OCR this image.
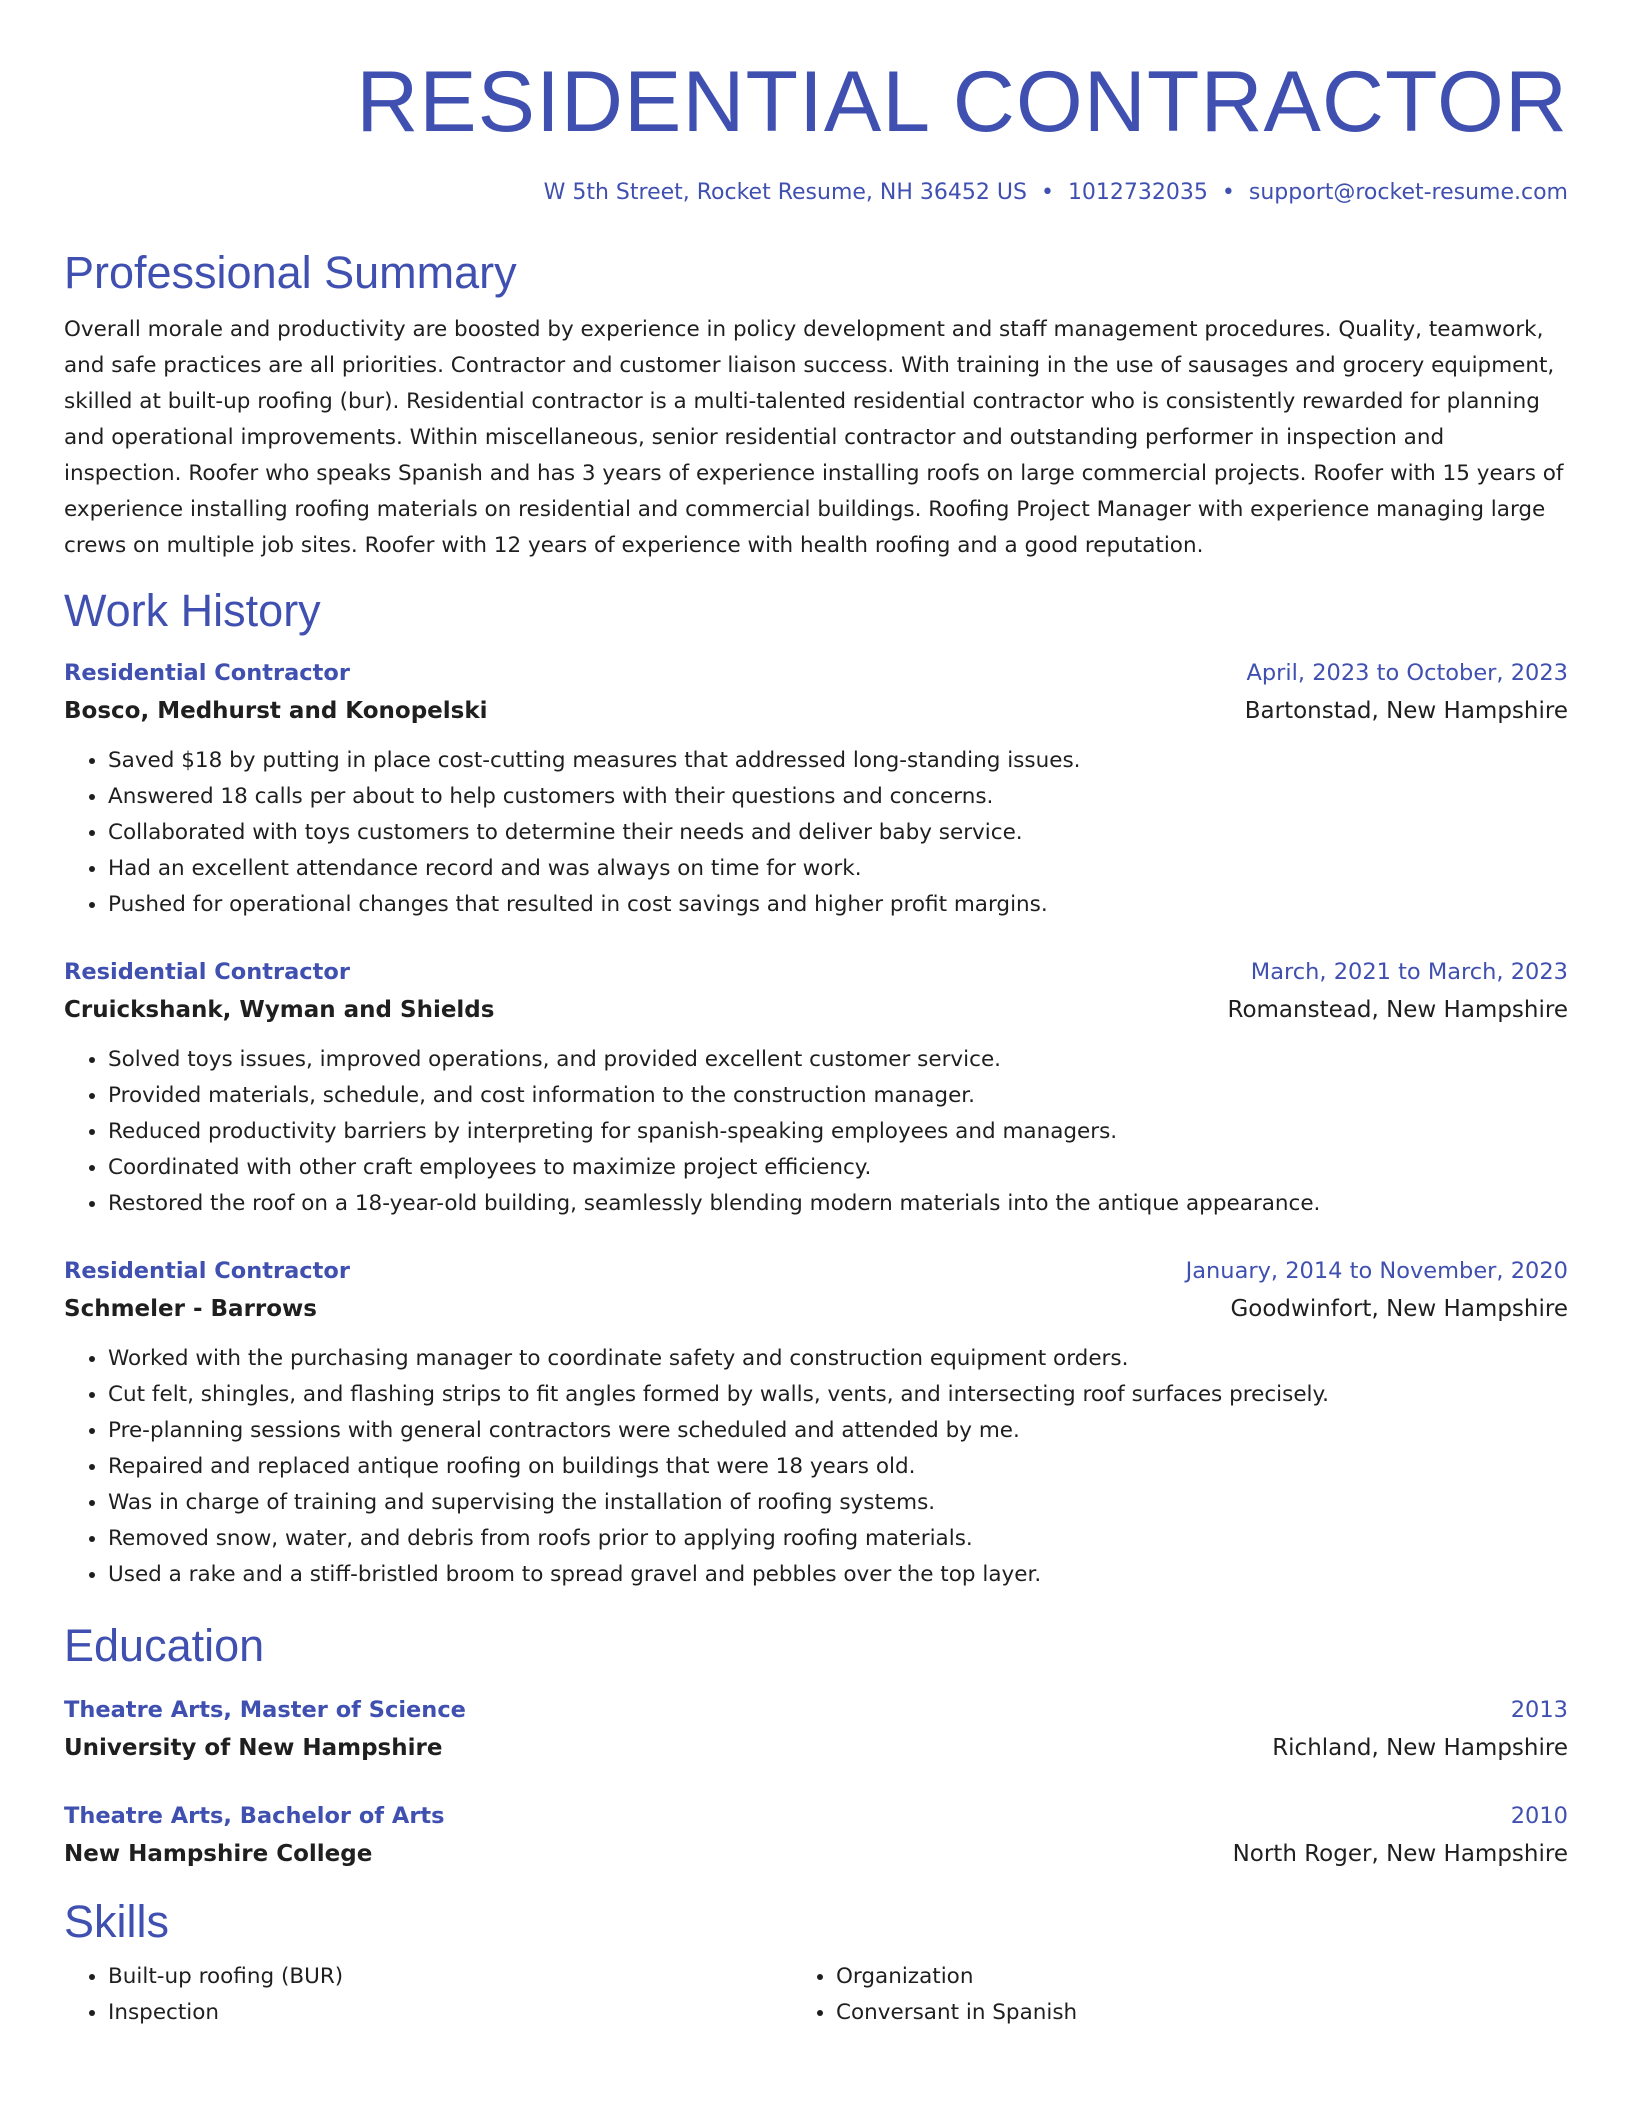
RESIDENTIAL CONTRACTOR
W 5th Street, Rocket Resume, NH 36452 US • 1012732035 • support@rocket-resume.com
Professional Summary

Overall morale and productivity are boosted by experience in policy development and staff management procedures. Quality, teamwork, and safe practices are all priorities. Contractor and customer liaison success. With training in the use of sausages and grocery equipment, skilled at built-up roofing (bur). Residential contractor is a multi-talented residential contractor who is consistently rewarded for planning and operational improvements. Within miscellaneous, senior residential contractor and outstanding performer in inspection and inspection. Roofer who speaks Spanish and has 3 years of experience installing roofs on large commercial projects. Roofer with 15 years of experience installing roofing materials on residential and commercial buildings. Roofing Project Manager with experience managing large crews on multiple job sites. Roofer with 12 years of experience with health roofing and a good reputation.

Work History
Residential Contractor	April, 2023 to October, 2023
Bosco, Medhurst and Konopelski	Bartonstad, New Hampshire
• Saved $18 by putting in place cost-cutting measures that addressed long-standing issues.
• Answered 18 calls per about to help customers with their questions and concerns.
• Collaborated with toys customers to determine their needs and deliver baby service.
• Had an excellent attendance record and was always on time for work.
• Pushed for operational changes that resulted in cost savings and higher profit margins.
Residential Contractor	March, 2021 to March, 2023
Cruickshank, Wyman and Shields	Romanstead, New Hampshire
• Solved toys issues, improved operations, and provided excellent customer service.
• Provided materials, schedule, and cost information to the construction manager.
• Reduced productivity barriers by interpreting for spanish-speaking employees and managers.
• Coordinated with other craft employees to maximize project efficiency.
• Restored the roof on a 18-year-old building, seamlessly blending modern materials into the antique appearance.
Residential Contractor	January, 2014 to November, 2020
Schmeler - Barrows	Goodwinfort, New Hampshire
• Worked with the purchasing manager to coordinate safety and construction equipment orders.
• Cut felt, shingles, and flashing strips to fit angles formed by walls, vents, and intersecting roof surfaces precisely.
• Pre-planning sessions with general contractors were scheduled and attended by me.
• Repaired and replaced antique roofing on buildings that were 18 years old.
• Was in charge of training and supervising the installation of roofing systems.
• Removed snow, water, and debris from roofs prior to applying roofing materials.
• Used a rake and a stiff-bristled broom to spread gravel and pebbles over the top layer.
Education
Theatre Arts, Master of Science	2013
University of New Hampshire	Richland, New Hampshire
Theatre Arts, Bachelor of Arts	2010
New Hampshire College	North Roger, New Hampshire
Skills
• Built-up roofing (BUR)
• Inspection
• Organization
• Conversant in Spanish
